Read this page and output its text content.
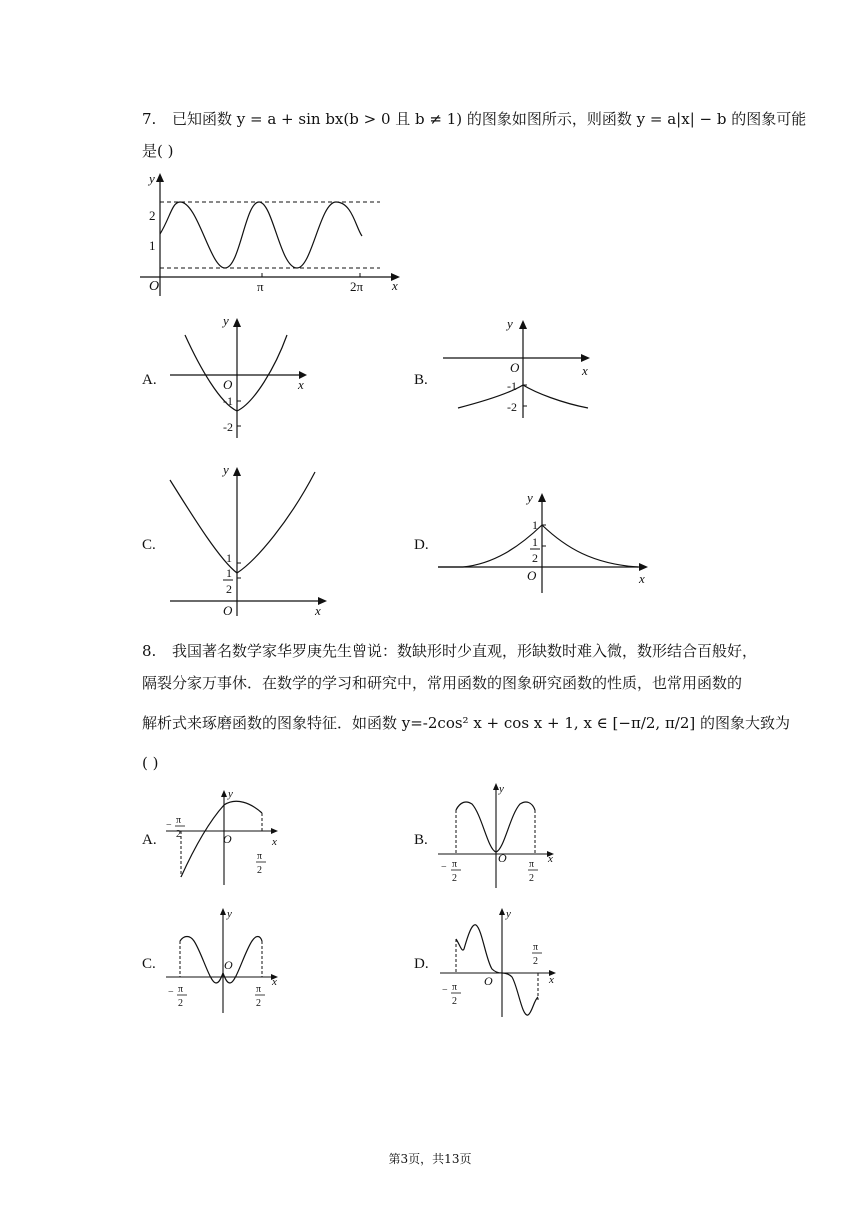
7. 已知函数 y = a + sin bx(b > 0 且 b ≠ 1) 的图象如图所示，则函数 y = a|x| − b 的图象可能
是( )
y
x
O
2
1
π	2π
A.
y
x
O
-1
-2
B.
y
x
O
-1
-2
C.
y
x
O
1
1
2
D.
y
x
O
1
1
2
8. 我国著名数学家华罗庚先生曾说：数缺形时少直观，形缺数时难入微，数形结合百般好，
隔裂分家万事休．在数学的学习和研究中，常用函数的图象研究函数的性质，也常用函数的
解析式来琢磨函数的图象特征．如函数 y=-2cos² x + cos x + 1, x ∈ [−π/2, π/2] 的图象大致为
( )
A.
y
x
O
− π
2
π
2
B.
y
x
O
− π
2
π
2
C.
y
x
O
− π
2
π
2
D.
y
x
O
− π
2
π
2
第3页，共13页
